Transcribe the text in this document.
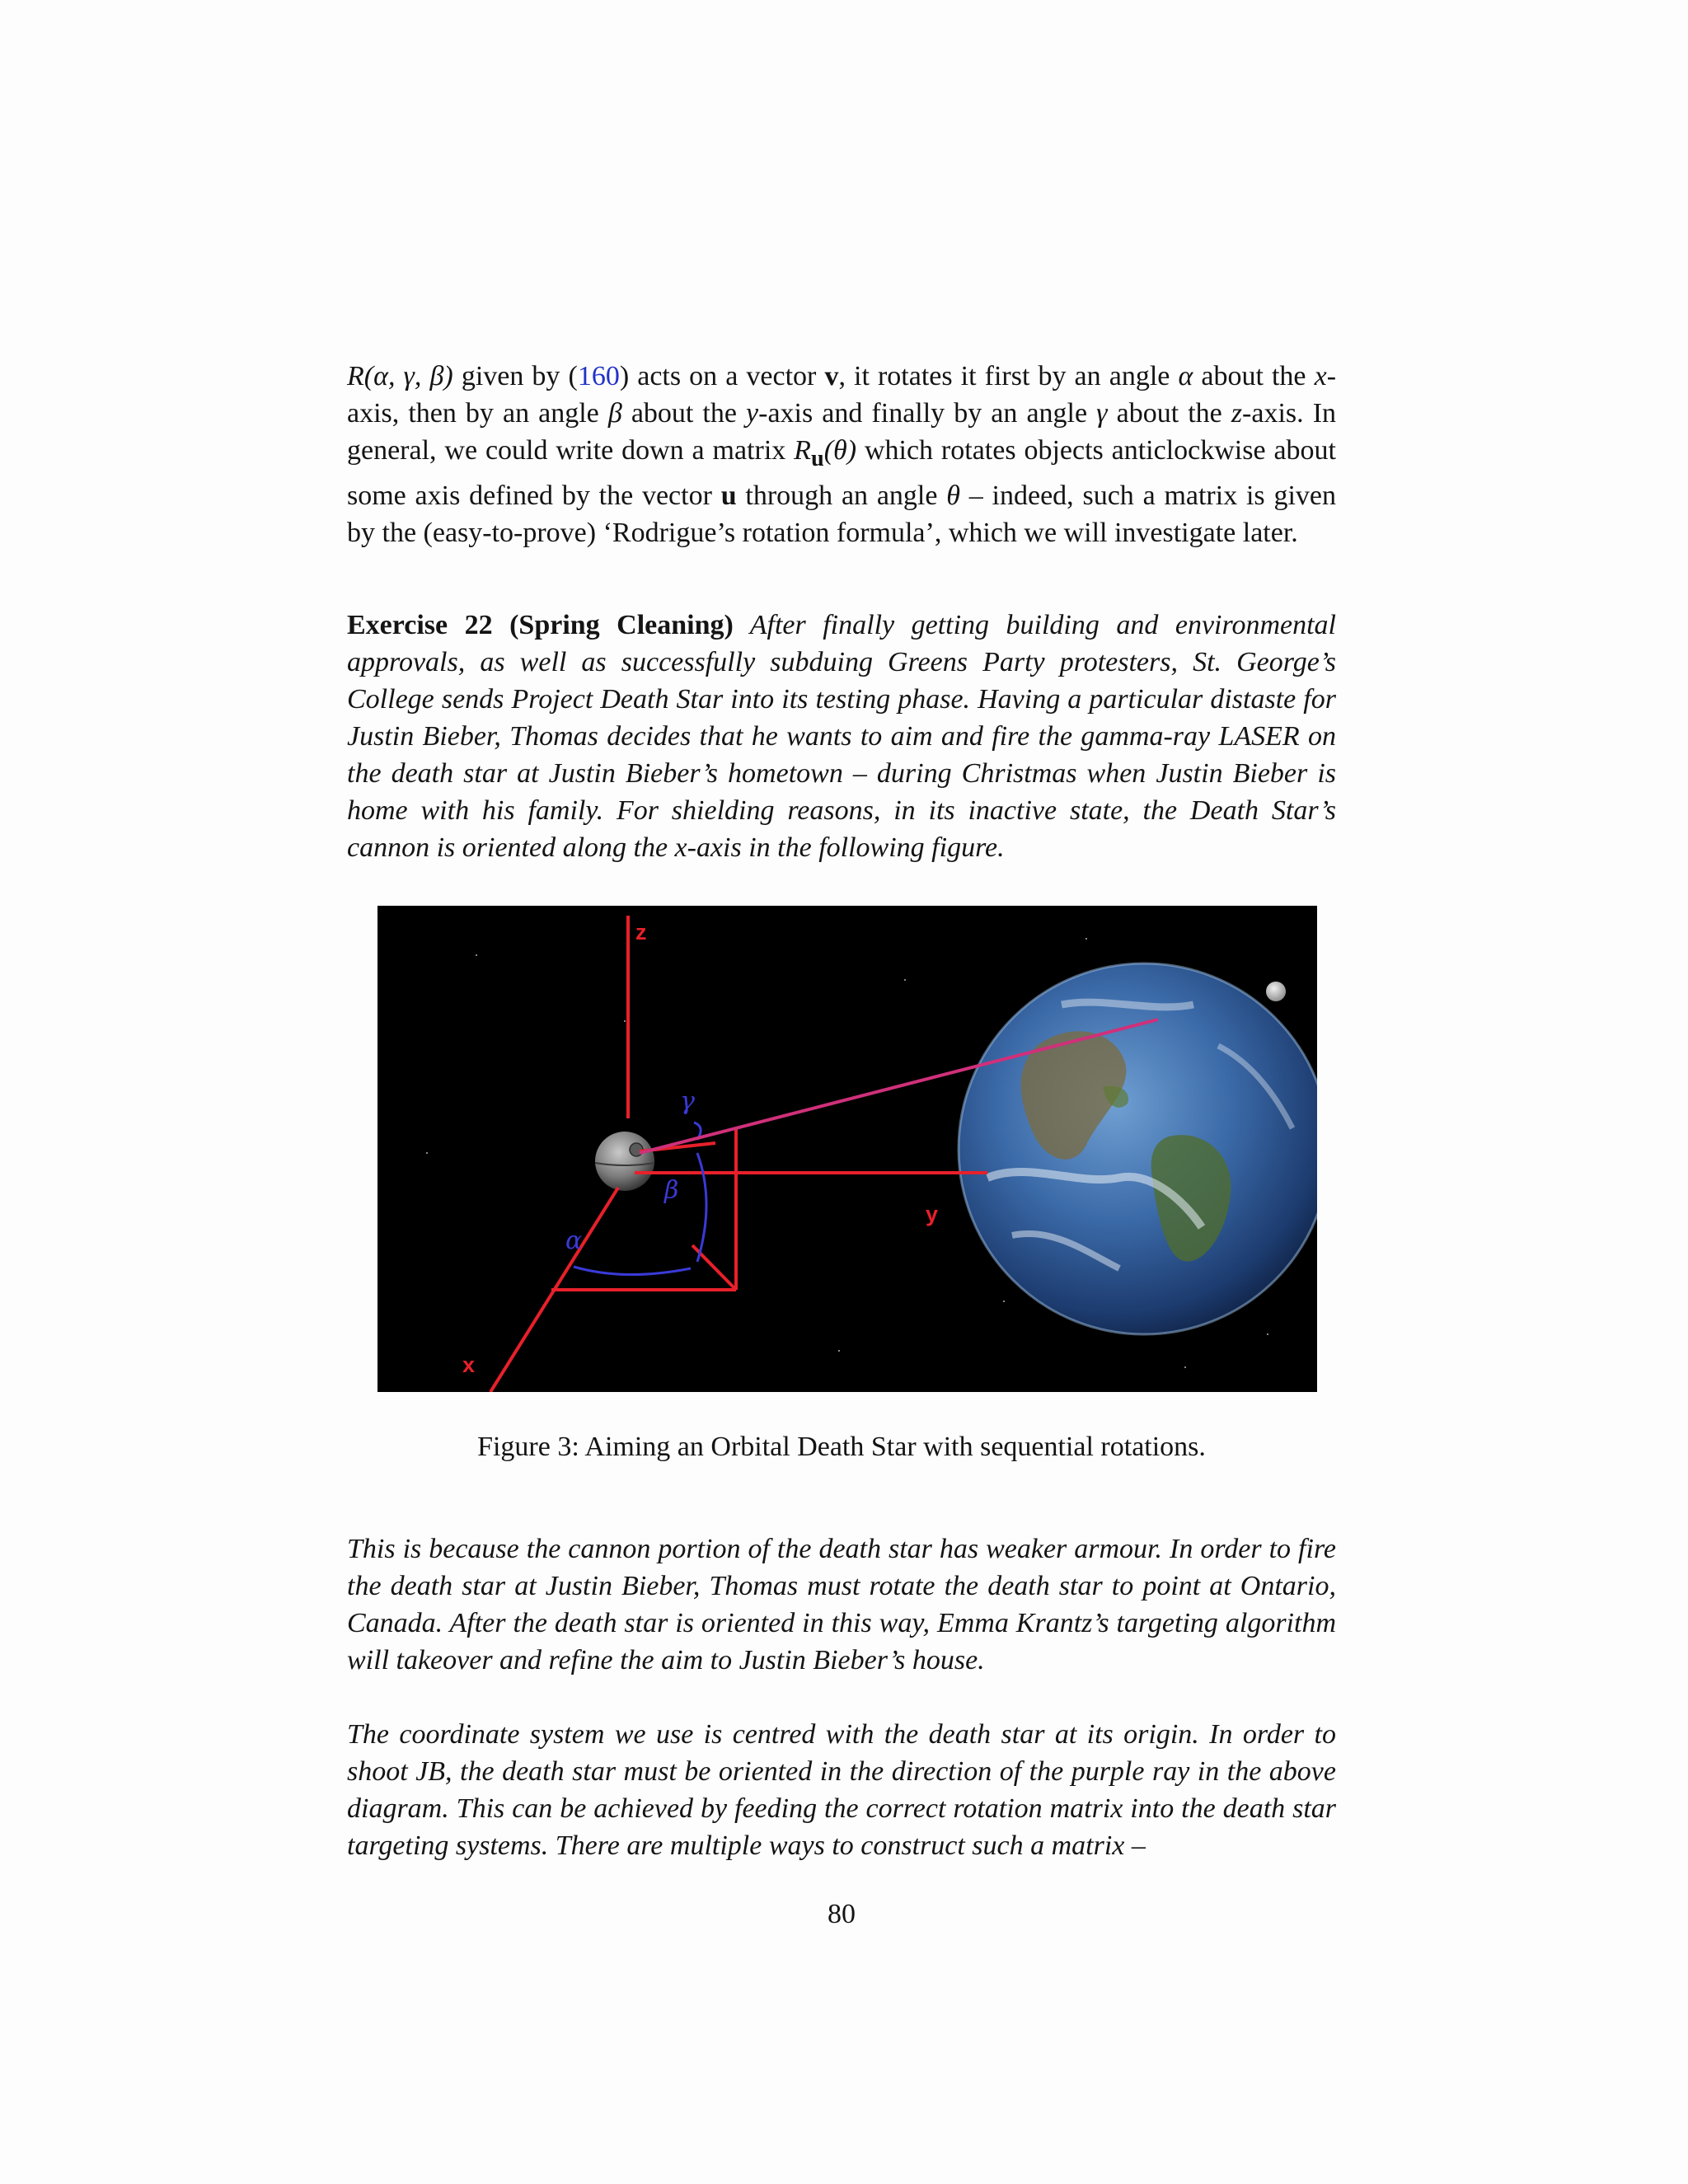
R(α, γ, β) given by (160) acts on a vector v, it rotates it first by an angle α about the x-axis, then by an angle β about the y-axis and finally by an angle γ about the z-axis. In general, we could write down a matrix $R_u(\theta)$ which rotates objects anticlockwise about some axis defined by the vector u through an angle θ – indeed, such a matrix is given by the (easy-to-prove) ‘Rodrigue’s rotation formula’, which we will investigate later.

Exercise 22 (Spring Cleaning) After finally getting building and environmental approvals, as well as successfully subduing Greens Party protesters, St. George’s College sends Project Death Star into its testing phase. Having a particular distaste for Justin Bieber, Thomas decides that he wants to aim and fire the gamma-ray LASER on the death star at Justin Bieber’s hometown – during Christmas when Justin Bieber is home with his family. For shielding reasons, in its inactive state, the Death Star’s cannon is oriented along the x-axis in the following figure.

z
y
x
α
β
γ
Figure 3: Aiming an Orbital Death Star with sequential rotations.

This is because the cannon portion of the death star has weaker armour. In order to fire the death star at Justin Bieber, Thomas must rotate the death star to point at Ontario, Canada. After the death star is oriented in this way, Emma Krantz’s targeting algorithm will takeover and refine the aim to Justin Bieber’s house.

The coordinate system we use is centred with the death star at its origin. In order to shoot JB, the death star must be oriented in the direction of the purple ray in the above diagram. This can be achieved by feeding the correct rotation matrix into the death star targeting systems. There are multiple ways to construct such a matrix –

80
